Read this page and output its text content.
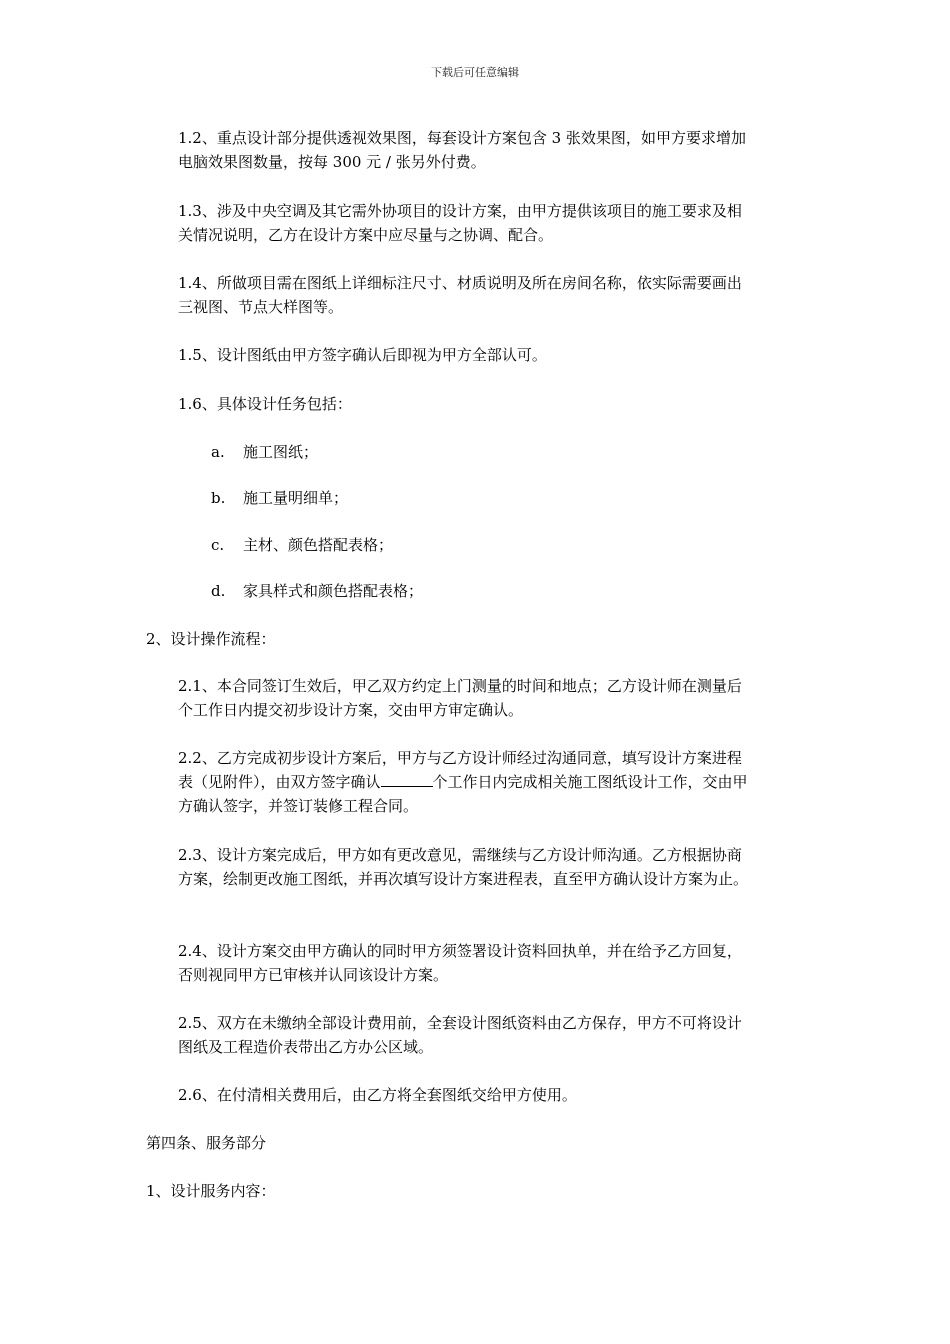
下载后可任意编辑

1.2、重点设计部分提供透视效果图，每套设计方案包含 3 张效果图，如甲方要求增加

电脑效果图数量，按每 300 元 / 张另外付费。

1.3、涉及中央空调及其它需外协项目的设计方案，由甲方提供该项目的施工要求及相

关情况说明，乙方在设计方案中应尽量与之协调、配合。

1.4、所做项目需在图纸上详细标注尺寸、材质说明及所在房间名称，依实际需要画出

三视图、节点大样图等。

1.5、设计图纸由甲方签字确认后即视为甲方全部认可。

1.6、具体设计任务包括：

a. 施工图纸；

b. 施工量明细单；

c. 主材、颜色搭配表格；

d. 家具样式和颜色搭配表格；

2、设计操作流程：

2.1、本合同签订生效后，甲乙双方约定上门测量的时间和地点；乙方设计师在测量后

个工作日内提交初步设计方案，交由甲方审定确认。

2.2、乙方完成初步设计方案后，甲方与乙方设计师经过沟通同意，填写设计方案进程

表（见附件），由双方签字确认	个工作日内完成相关施工图纸设计工作，交由甲

方确认签字，并签订装修工程合同。

2.3、设计方案完成后，甲方如有更改意见，需继续与乙方设计师沟通。乙方根据协商

方案，绘制更改施工图纸，并再次填写设计方案进程表，直至甲方确认设计方案为止。

2.4、设计方案交由甲方确认的同时甲方须签署设计资料回执单，并在给予乙方回复，

否则视同甲方已审核并认同该设计方案。

2.5、双方在未缴纳全部设计费用前，全套设计图纸资料由乙方保存，甲方不可将设计

图纸及工程造价表带出乙方办公区域。

2.6、在付清相关费用后，由乙方将全套图纸交给甲方使用。

第四条、服务部分

1、设计服务内容：
